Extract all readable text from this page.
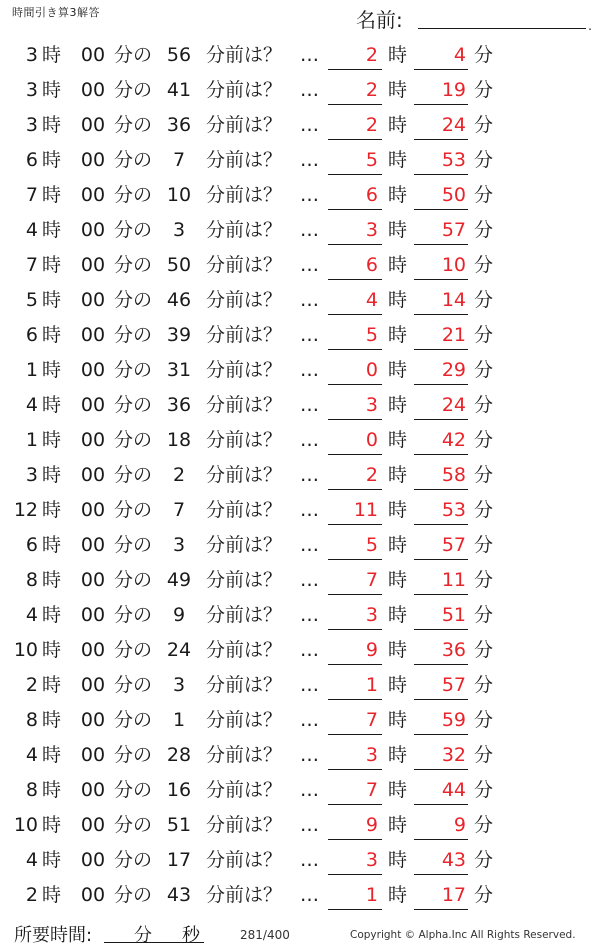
時間引き算3解答	名前:	.
3 時 00 分の 56 分前は？ …	2 時	4 分
3 時 00 分の 41 分前は？ …	2 時	19 分
3 時 00 分の 36 分前は？ …	2 時	24 分
6 時 00 分の	7	分前は？ …	5 時	53 分
7 時 00 分の 10 分前は？ …	6 時	50 分
4 時 00 分の	3	分前は？ …	3 時	57 分
7 時 00 分の 50 分前は？ …	6 時	10 分
5 時 00 分の 46 分前は？ …	4 時	14 分
6 時 00 分の 39 分前は？ …	5 時	21 分
1 時 00 分の 31 分前は？ …	0 時	29 分
4 時 00 分の 36 分前は？ …	3 時	24 分
1 時 00 分の 18 分前は？ …	0 時	42 分
3 時 00 分の	2	分前は？ …	2 時	58 分
12 時 00 分の	7	分前は？ …	11 時	53 分
6 時 00 分の	3	分前は？ …	5 時	57 分
8 時 00 分の 49 分前は？ …	7 時	11 分
4 時 00 分の	9	分前は？ …	3 時	51 分
10 時 00 分の 24 分前は？ …	9 時	36 分
2 時 00 分の	3	分前は？ …	1 時	57 分
8 時 00 分の	1	分前は？ …	7 時	59 分
4 時 00 分の 28 分前は？ …	3 時	32 分
8 時 00 分の 16 分前は？ …	7 時	44 分
10 時 00 分の 51 分前は？ …	9 時	9 分
4 時 00 分の 17 分前は？ …	3 時	43 分
2 時 00 分の 43 分前は？ …	1 時	17 分
所要時間: 分 秒	281/400	Copyright © Alpha.Inc All Rights Reserved.
